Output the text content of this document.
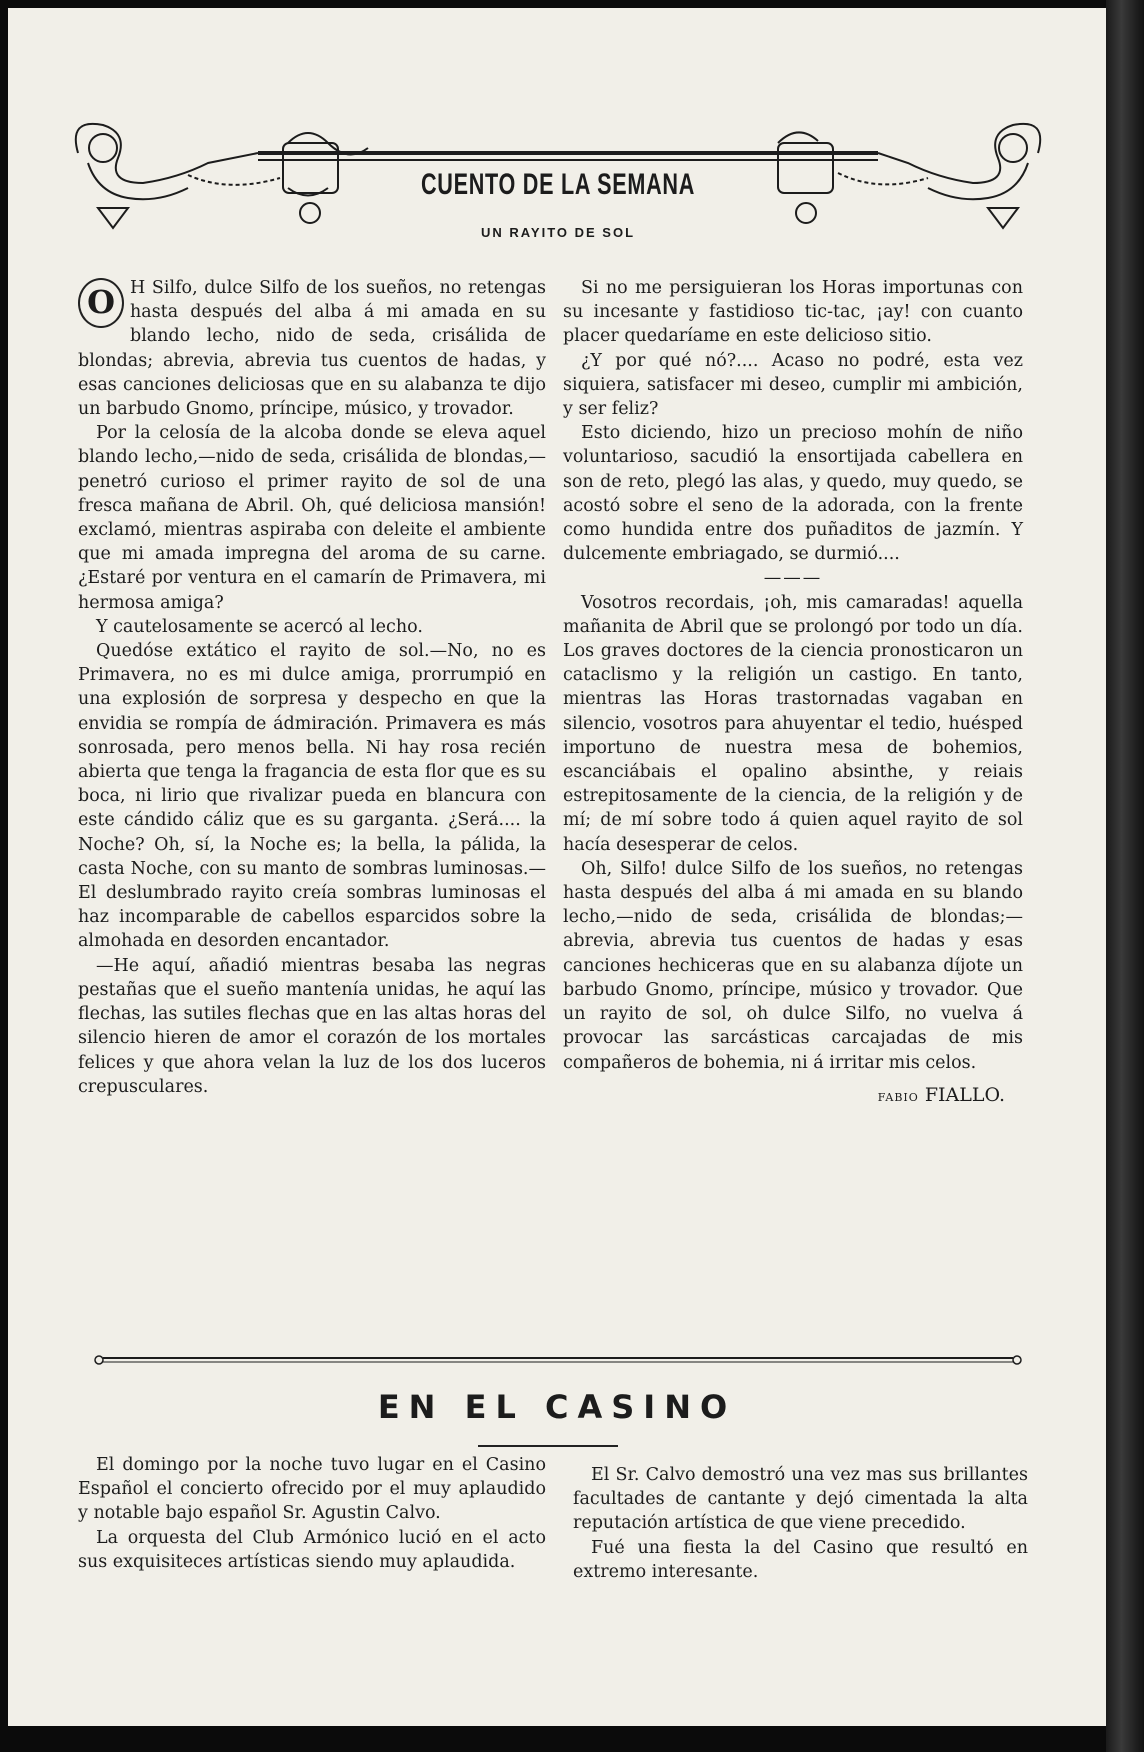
CUENTO DE LA SEMANA
UN RAYITO DE SOL

O H Silfo, dulce Silfo de los sueños, no retengas hasta después del alba á mi amada en su blando lecho, nido de seda, crisálida de blondas; abrevia, abrevia tus cuentos de hadas, y esas canciones deliciosas que en su alabanza te dijo un barbudo Gnomo, príncipe, músico, y trovador.

Por la celosía de la alcoba donde se eleva aquel blando lecho,—nido de seda, crisálida de blondas,—penetró curioso el primer rayito de sol de una fresca mañana de Abril. Oh, qué deliciosa mansión! exclamó, mientras aspiraba con deleite el ambiente que mi amada impregna del aroma de su carne. ¿Estaré por ventura en el camarín de Primavera, mi hermosa amiga?

Y cautelosamente se acercó al lecho.

Quedóse extático el rayito de sol.—No, no es Primavera, no es mi dulce amiga, prorrumpió en una explosión de sorpresa y despecho en que la envidia se rompía de ádmiración. Primavera es más sonrosada, pero menos bella. Ni hay rosa recién abierta que tenga la fragancia de esta flor que es su boca, ni lirio que rivalizar pueda en blancura con este cándido cáliz que es su garganta. ¿Será.... la Noche? Oh, sí, la Noche es; la bella, la pálida, la casta Noche, con su manto de sombras luminosas.—El deslumbrado rayito creía sombras luminosas el haz incomparable de cabellos esparcidos sobre la almohada en desorden encantador.

—He aquí, añadió mientras besaba las negras pestañas que el sueño mantenía unidas, he aquí las flechas, las sutiles flechas que en las altas horas del silencio hieren de amor el corazón de los mortales felices y que ahora velan la luz de los dos luceros crepusculares.

Si no me persiguieran los Horas importunas con su incesante y fastidioso tic-tac, ¡ay! con cuanto placer quedaríame en este delicioso sitio.

¿Y por qué nó?.... Acaso no podré, esta vez siquiera, satisfacer mi deseo, cumplir mi ambición, y ser feliz?

Esto diciendo, hizo un precioso mohín de niño voluntarioso, sacudió la ensortijada cabellera en son de reto, plegó las alas, y quedo, muy quedo, se acostó sobre el seno de la adorada, con la frente como hundida entre dos puñaditos de jazmín. Y dulcemente embriagado, se durmió....

———

Vosotros recordais, ¡oh, mis camaradas! aquella mañanita de Abril que se prolongó por todo un día. Los graves doctores de la ciencia pronosticaron un cataclismo y la religión un castigo. En tanto, mientras las Horas trastornadas vagaban en silencio, vosotros para ahuyentar el tedio, huésped importuno de nuestra mesa de bohemios, escanciábais el opalino absinthe, y reiais estrepitosamente de la ciencia, de la religión y de mí; de mí sobre todo á quien aquel rayito de sol hacía desesperar de celos.

Oh, Silfo! dulce Silfo de los sueños, no retengas hasta después del alba á mi amada en su blando lecho,—nido de seda, crisálida de blondas;—abrevia, abrevia tus cuentos de hadas y esas canciones hechiceras que en su alabanza díjote un barbudo Gnomo, príncipe, músico y trovador. Que un rayito de sol, oh dulce Silfo, no vuelva á provocar las sarcásticas carcajadas de mis compañeros de bohemia, ni á irritar mis celos.

FABIO FIALLO.
EN EL CASINO

El domingo por la noche tuvo lugar en el Casino Español el concierto ofrecido por el muy aplaudido y notable bajo español Sr. Agustin Calvo.

La orquesta del Club Armónico lució en el acto sus exquisiteces artísticas siendo muy aplaudida.

El Sr. Calvo demostró una vez mas sus brillantes facultades de cantante y dejó cimentada la alta reputación artística de que viene precedido.

Fué una fiesta la del Casino que resultó en extremo interesante.
